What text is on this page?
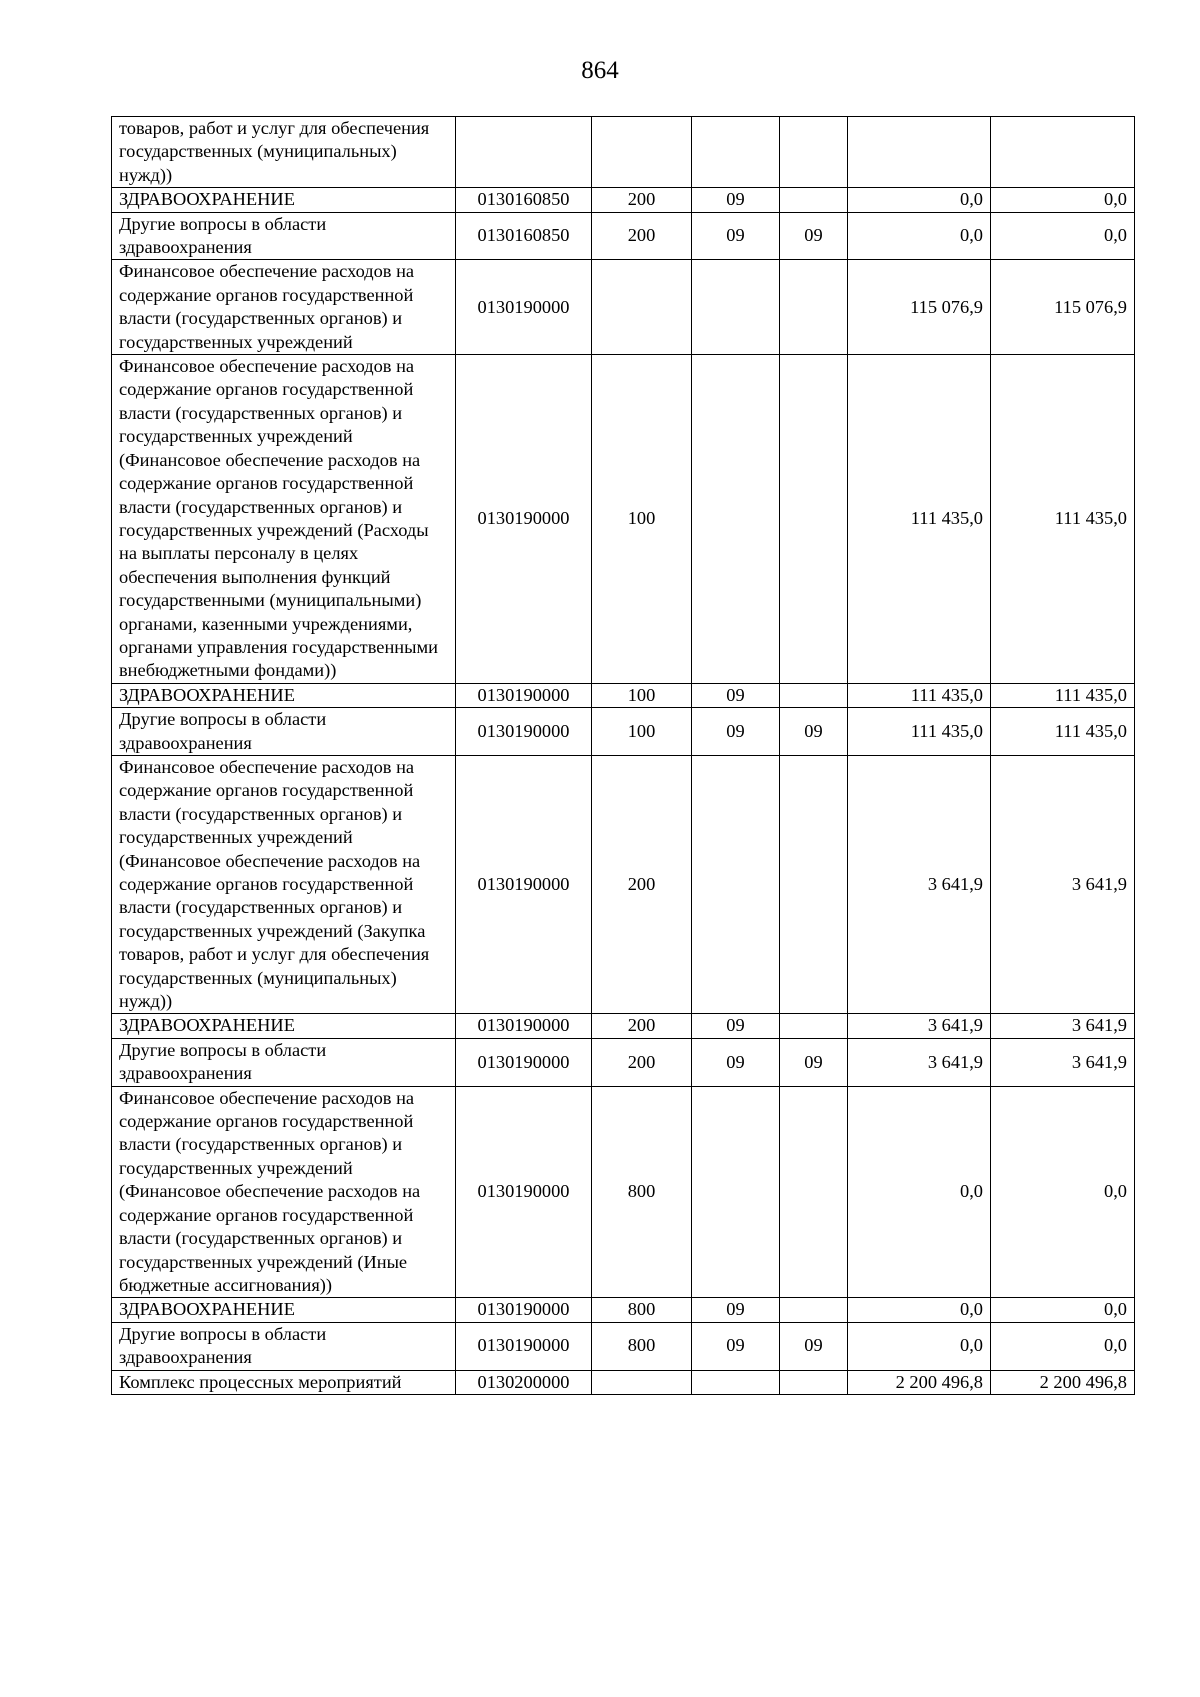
864
товаров, работ и услуг для обеспечения государственных (муниципальных) нужд))						
ЗДРАВООХРАНЕНИЕ	0130160850	200	09		0,0	0,0
Другие вопросы в области здравоохранения	0130160850	200	09	09	0,0	0,0
Финансовое обеспечение расходов на содержание органов государственной власти (государственных органов) и государственных учреждений	0130190000				115 076,9	115 076,9
Финансовое обеспечение расходов на содержание органов государственной власти (государственных органов) и государственных учреждений (Финансовое обеспечение расходов на содержание органов государственной власти (государственных органов) и государственных учреждений (Расходы на выплаты персоналу в целях обеспечения выполнения функций государственными (муниципальными) органами, казенными учреждениями, органами управления государственными внебюджетными фондами))	0130190000	100			111 435,0	111 435,0
ЗДРАВООХРАНЕНИЕ	0130190000	100	09		111 435,0	111 435,0
Другие вопросы в области здравоохранения	0130190000	100	09	09	111 435,0	111 435,0
Финансовое обеспечение расходов на содержание органов государственной власти (государственных органов) и государственных учреждений (Финансовое обеспечение расходов на содержание органов государственной власти (государственных органов) и государственных учреждений (Закупка товаров, работ и услуг для обеспечения государственных (муниципальных) нужд))	0130190000	200			3 641,9	3 641,9
ЗДРАВООХРАНЕНИЕ	0130190000	200	09		3 641,9	3 641,9
Другие вопросы в области здравоохранения	0130190000	200	09	09	3 641,9	3 641,9
Финансовое обеспечение расходов на содержание органов государственной власти (государственных органов) и государственных учреждений (Финансовое обеспечение расходов на содержание органов государственной власти (государственных органов) и государственных учреждений (Иные бюджетные ассигнования))	0130190000	800			0,0	0,0
ЗДРАВООХРАНЕНИЕ	0130190000	800	09		0,0	0,0
Другие вопросы в области здравоохранения	0130190000	800	09	09	0,0	0,0
Комплекс процессных мероприятий	0130200000				2 200 496,8	2 200 496,8
